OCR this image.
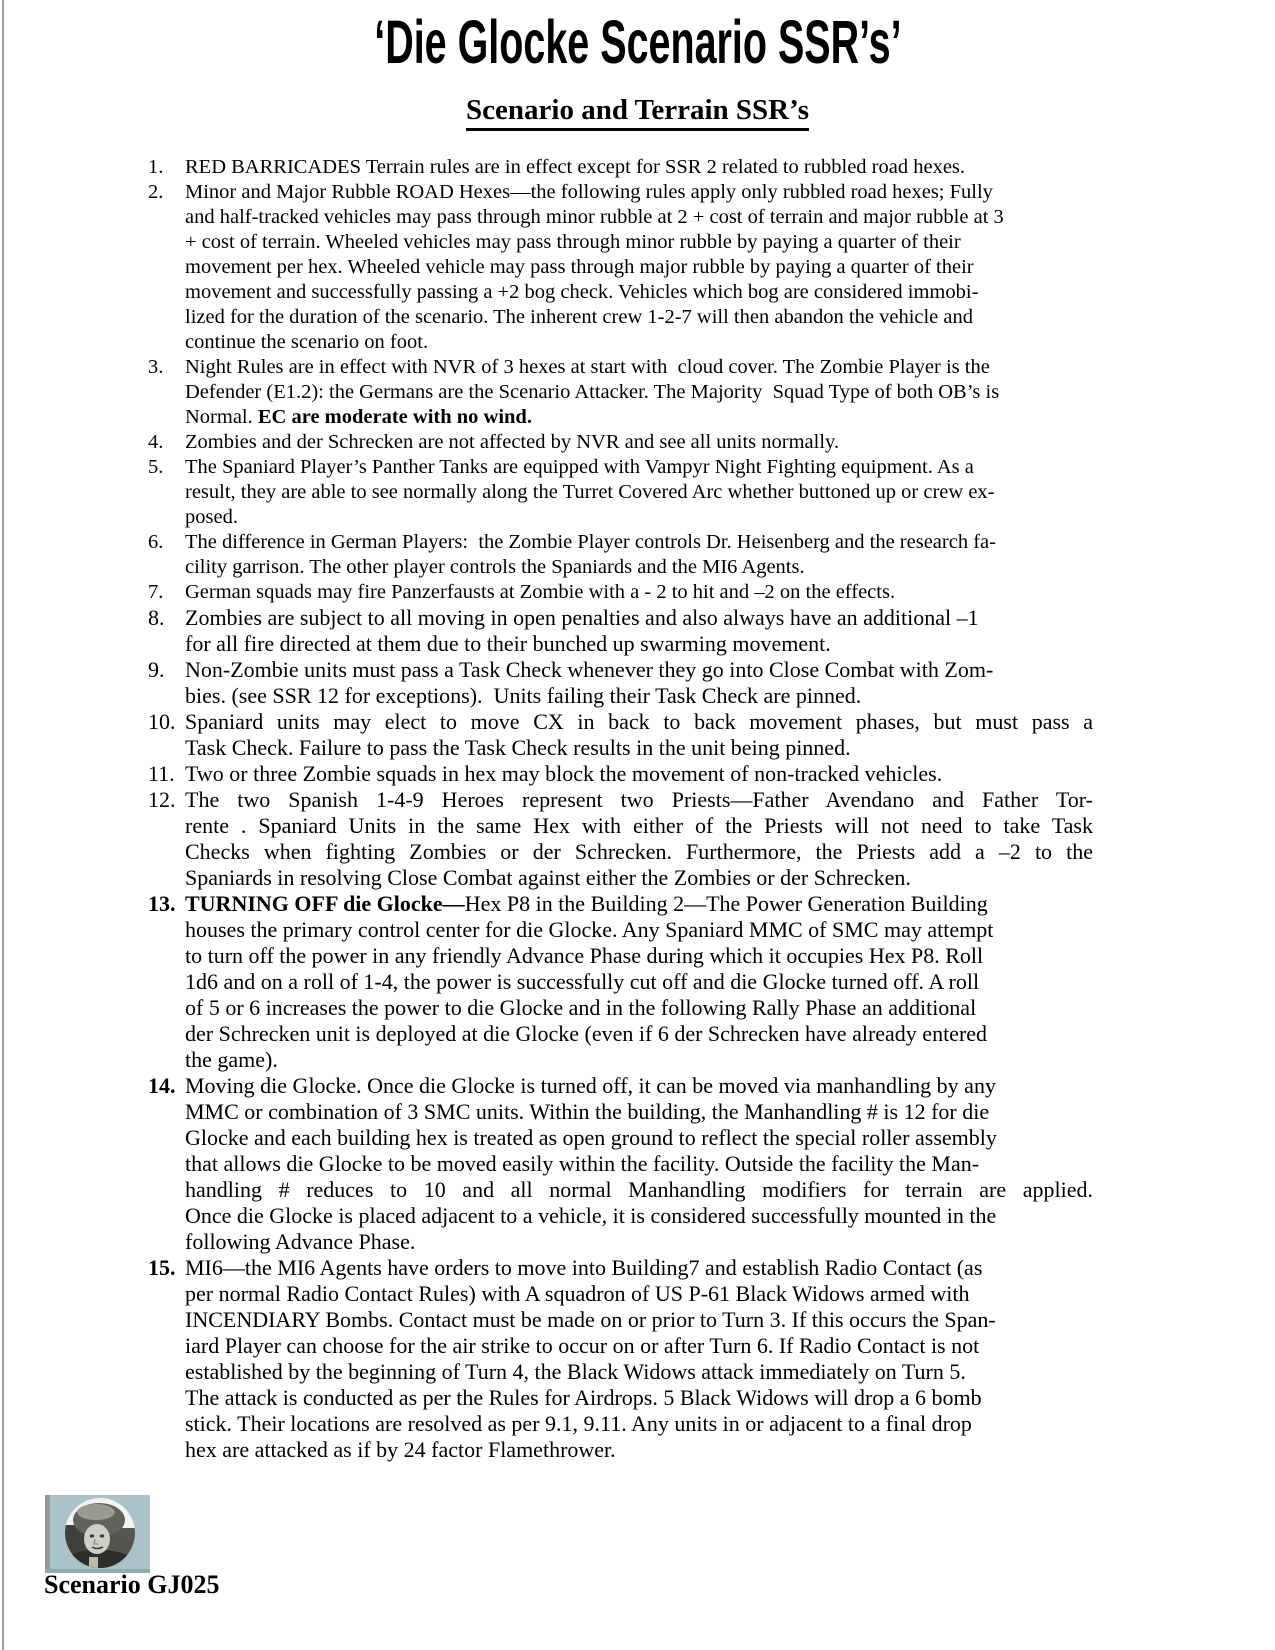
‘Die Glocke Scenario SSR’s’
Scenario and Terrain SSR’s
1. RED BARRICADES Terrain rules are in effect except for SSR 2 related to rubbled road hexes.
2. Minor and Major Rubble ROAD Hexes—the following rules apply only rubbled road hexes; Fully
and half-tracked vehicles may pass through minor rubble at 2 + cost of terrain and major rubble at 3
+ cost of terrain. Wheeled vehicles may pass through minor rubble by paying a quarter of their
movement per hex. Wheeled vehicle may pass through major rubble by paying a quarter of their
movement and successfully passing a +2 bog check. Vehicles which bog are considered immobi-
lized for the duration of the scenario. The inherent crew 1-2-7 will then abandon the vehicle and
continue the scenario on foot.
3. Night Rules are in effect with NVR of 3 hexes at start with  cloud cover. The Zombie Player is the
Defender (E1.2): the Germans are the Scenario Attacker. The Majority  Squad Type of both OB’s is
Normal. EC are moderate with no wind.
4. Zombies and der Schrecken are not affected by NVR and see all units normally.
5. The Spaniard Player’s Panther Tanks are equipped with Vampyr Night Fighting equipment. As a
result, they are able to see normally along the Turret Covered Arc whether buttoned up or crew ex-
posed.
6. The difference in German Players:  the Zombie Player controls Dr. Heisenberg and the research fa-
cility garrison. The other player controls the Spaniards and the MI6 Agents.
7. German squads may fire Panzerfausts at Zombie with a - 2 to hit and –2 on the effects.
8. Zombies are subject to all moving in open penalties and also always have an additional –1
for all fire directed at them due to their bunched up swarming movement.
9. Non-Zombie units must pass a Task Check whenever they go into Close Combat with Zom-
bies. (see SSR 12 for exceptions).  Units failing their Task Check are pinned.
10. Spaniard units may elect to move CX in back to back movement phases, but must pass a
Task Check. Failure to pass the Task Check results in the unit being pinned.
11. Two or three Zombie squads in hex may block the movement of non-tracked vehicles.
12. The two Spanish 1-4-9 Heroes represent two Priests—Father Avendano and Father Tor-
rente . Spaniard Units in the same Hex with either of the Priests will not need to take Task
Checks when fighting Zombies or der Schrecken. Furthermore, the Priests add a –2 to the
Spaniards in resolving Close Combat against either the Zombies or der Schrecken.
13. TURNING OFF die Glocke—Hex P8 in the Building 2—The Power Generation Building
houses the primary control center for die Glocke. Any Spaniard MMC of SMC may attempt
to turn off the power in any friendly Advance Phase during which it occupies Hex P8. Roll
1d6 and on a roll of 1-4, the power is successfully cut off and die Glocke turned off. A roll
of 5 or 6 increases the power to die Glocke and in the following Rally Phase an additional
der Schrecken unit is deployed at die Glocke (even if 6 der Schrecken have already entered
the game).
14. Moving die Glocke. Once die Glocke is turned off, it can be moved via manhandling by any
MMC or combination of 3 SMC units. Within the building, the Manhandling # is 12 for die
Glocke and each building hex is treated as open ground to reflect the special roller assembly
that allows die Glocke to be moved easily within the facility. Outside the facility the Man-
handling # reduces to 10 and all normal Manhandling modifiers for terrain are applied.
Once die Glocke is placed adjacent to a vehicle, it is considered successfully mounted in the
following Advance Phase.
15. MI6—the MI6 Agents have orders to move into Building7 and establish Radio Contact (as
per normal Radio Contact Rules) with A squadron of US P-61 Black Widows armed with
INCENDIARY Bombs. Contact must be made on or prior to Turn 3. If this occurs the Span-
iard Player can choose for the air strike to occur on or after Turn 6. If Radio Contact is not
established by the beginning of Turn 4, the Black Widows attack immediately on Turn 5.
The attack is conducted as per the Rules for Airdrops. 5 Black Widows will drop a 6 bomb
stick. Their locations are resolved as per 9.1, 9.11. Any units in or adjacent to a final drop
hex are attacked as if by 24 factor Flamethrower.
Scenario GJ025
